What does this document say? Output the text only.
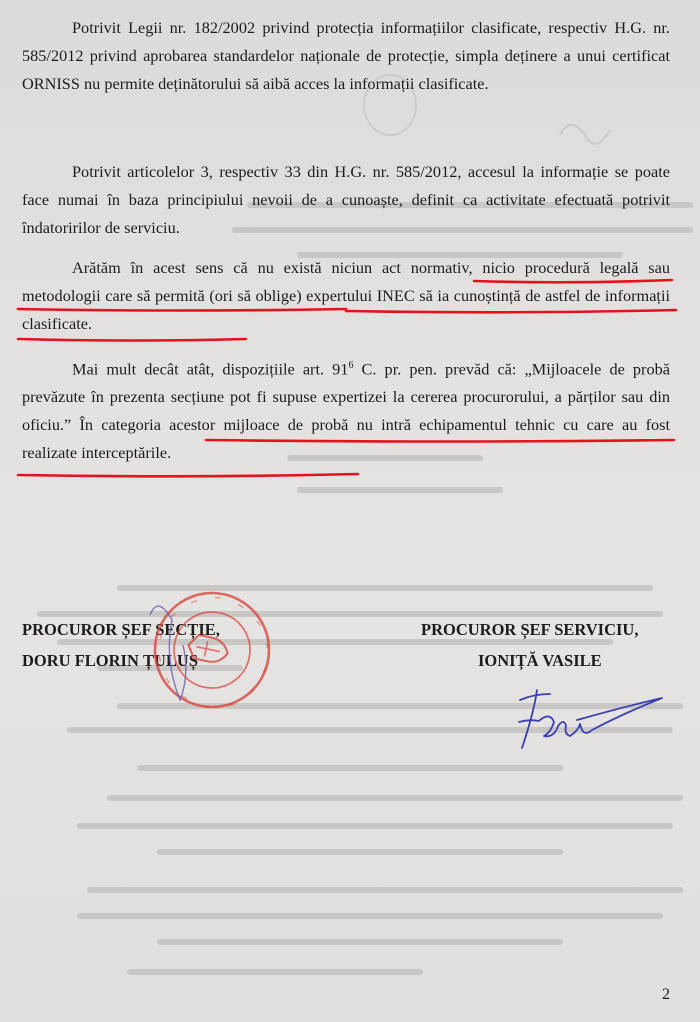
Potrivit Legii nr. 182/2002 privind protecția informațiilor clasificate, respectiv H.G. nr. 585/2012 privind aprobarea standardelor naționale de protecție, simpla deținere a unui certificat ORNISS nu permite deținătorului să aibă acces la informații clasificate.

Potrivit articolelor 3, respectiv 33 din H.G. nr. 585/2012, accesul la informație se poate face numai în baza principiului nevoii de a cunoaște, definit ca activitate efectuată potrivit îndatoririlor de serviciu.

Arătăm în acest sens că nu există niciun act normativ, nicio procedură legală sau metodologii care să permită (ori să oblige) expertului INEC să ia cunoștință de astfel de informații clasificate.

Mai mult decât atât, dispozițiile art. $91^6$ C. pr. pen. prevăd că: „Mijloacele de probă prevăzute în prezenta secțiune pot fi supuse expertizei la cererea procurorului, a părților sau din oficiu.” În categoria acestor mijloace de probă nu intră echipamentul tehnic cu care au fost realizate interceptările.

PROCUROR ȘEF SECȚIE,
DORU FLORIN ȚULUȘ
PROCUROR ȘEF SERVICIU,
IONIȚĂ VASILE
2
